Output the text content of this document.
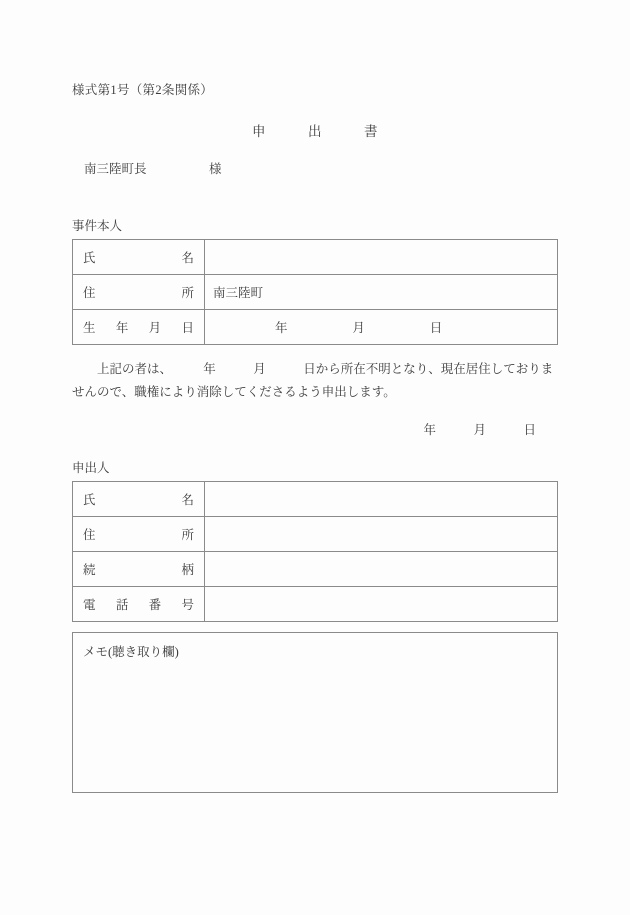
様式第1号（第2条関係）
申　　　出　　　書
南三陸町長　　　　　様
事件本人
氏　　名	
住　　所	南三陸町
生　年　月　日	年　　　　　月　　　　　日
　　上記の者は、　　　年　　　月　　　日から所在不明となり、現在居住しておりませんので、職権により消除してくださるよう申出します。
年　　　月　　　日
申出人
氏　　名	
住　　所	
続　　柄	
電　話　番　号	
メモ(聴き取り欄)
